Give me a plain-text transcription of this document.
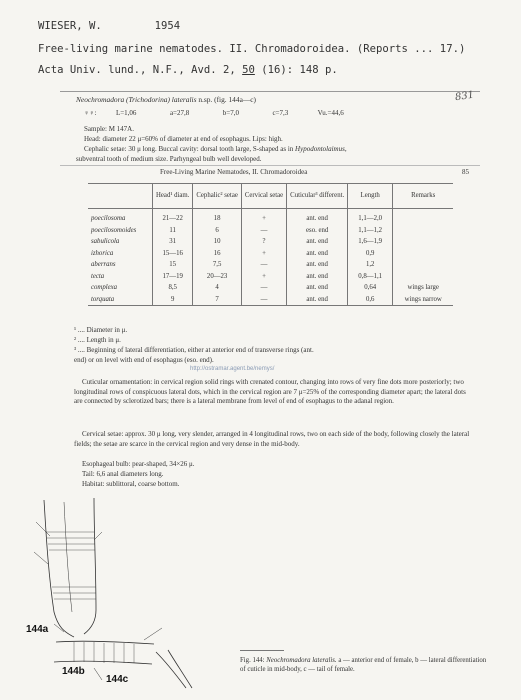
WIESER, W.	1954
Free-living marine nematodes. II. Chromadoroidea. (Reports ... 17.)
Acta Univ. lund., N.F., Avd. 2, 50 (16): 148 p.
Neochromadora (Trichodorina) lateralis n.sp. (fig. 144a—c)	831
♀♀:	L=1,06	a=27,8	b=7,0	c=7,3	Vu.=44,6
Sample: M 147A.
Head: diameter 22 μ=60% of diameter at end of esophagus. Lips: high.
Cephalic setae: 30 μ long. Buccal cavity: dorsal tooth large, S-shaped as in Hypodontolaimus,
subventral tooth of medium size. Parhyngeal bulb well developed.
Free-Living Marine Nematodes, II. Chromadoroidea	85
	Head¹ diam.	Cephalic² setae	Cervical setae	Cuticular³ different.	Length	Remarks
poecilosoma	21—22	18	+	ant. end	1,1—2,0	
poecilosomoides	11	6	—	eso. end	1,1—1,2	
sabulicola	31	10	?	ant. end	1,6—1,9	
izhorica	15—16	16	+	ant. end	0,9	
aberrans	15	7,5	—	ant. end	1,2	
tecta	17—19	20—23	+	ant. end	0,8—1,1	
complexa	8,5	4	—	ant. end	0,64	wings large
torquata	9	7	—	ant. end	0,6	wings narrow
¹ .... Diameter in μ.
² .... Length in μ.
³ .... Beginning of lateral differentiation, either at anterior end of transverse rings (ant.
end) or on level with end of esophagus (eso. end).
http://ostramar.agent.be/nemys/

Cuticular ornamentation: in cervical region solid rings with crenated contour, changing into rows of very fine dots more posteriorly; two longitudinal rows of conspicuous lateral dots, which in the cervical region are 7 μ=25% of the corresponding diameter apart; the lateral dots are connected by sclerotized bars; there is a lateral membrane from level of end of esophagus to the adanal region.

Cervical setae: approx. 30 μ long, very slender, arranged in 4 longitudinal rows, two on each side of the body, following closely the lateral fields; the setae are scarce in the cervical region and very dense in the mid-body.

Esophageal bulb: pear-shaped, 34×26 μ.

Tail: 6,6 anal diameters long.

Habitat: sublittoral, coarse bottom.

144a
144b
144c
Fig. 144: Neochromadora lateralis. a — anterior end of female, b — lateral differentiation of cuticle in mid-body, c — tail of female.
